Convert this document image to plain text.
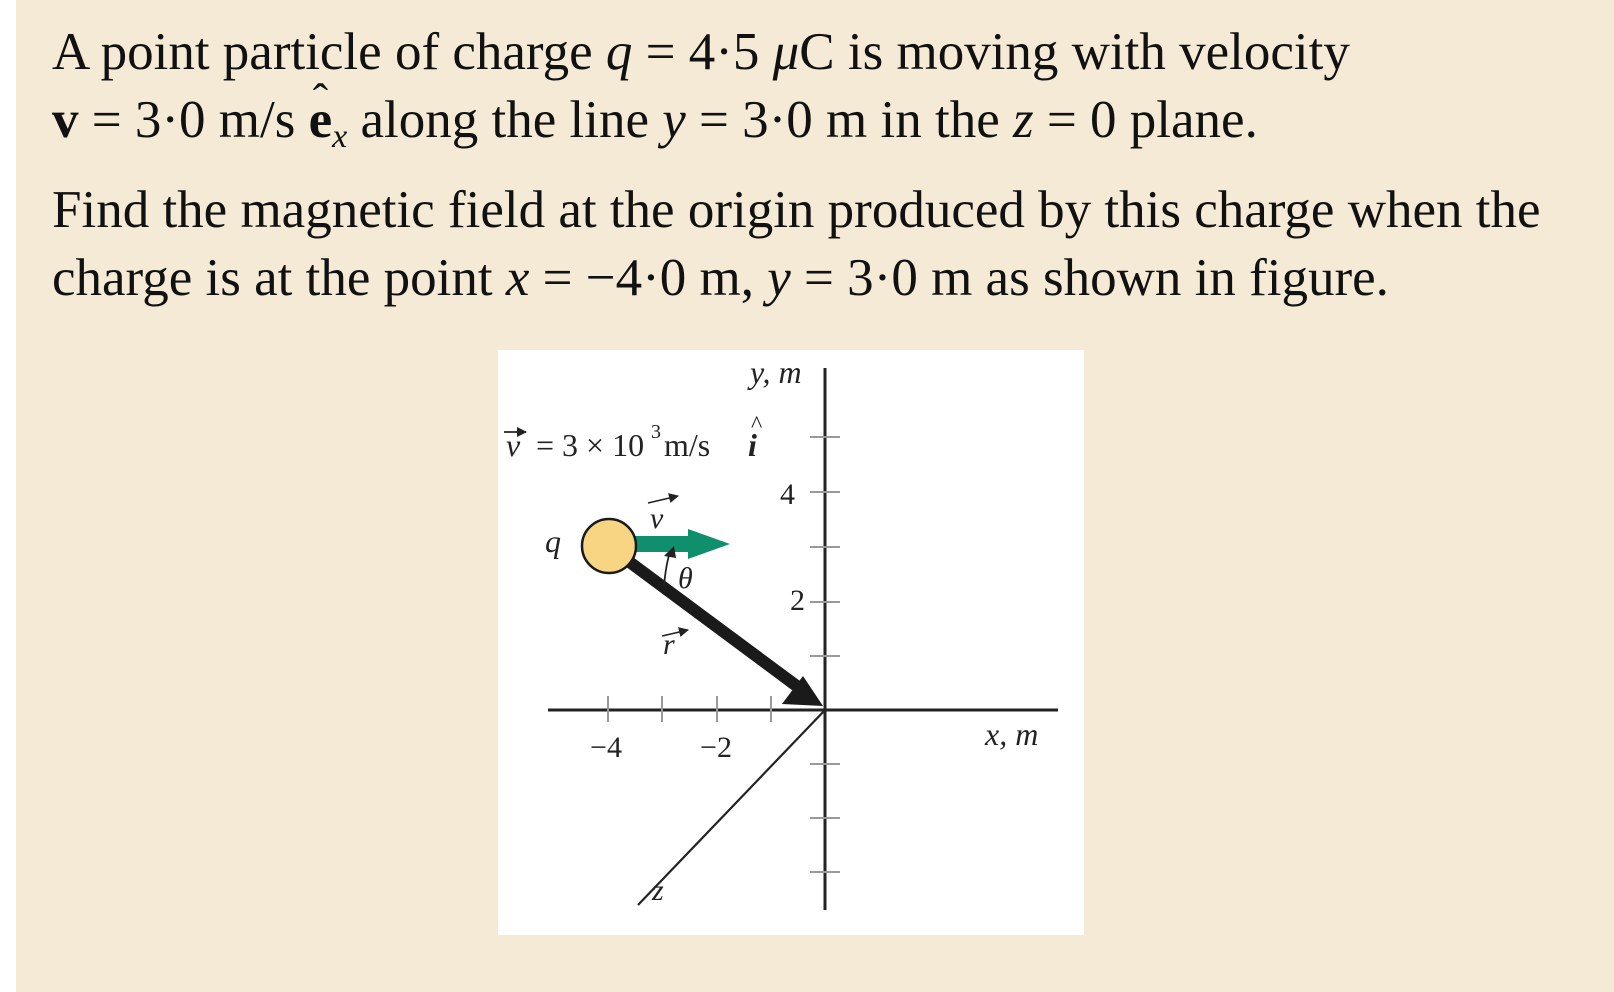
A point particle of charge q = 4·5 μC is moving with velocity
v = 3·0 m/s ˆ ex along the line y = 3·0 m in the z = 0 plane.

Find the magnetic field at the origin produced by this charge when the
charge is at the point x = −4·0 m, y = 3·0 m as shown in figure.

y, m
x, m
z
4
2
−4	−2
v = 3 × 10 3 m/s i
^
q
θ
v
r
